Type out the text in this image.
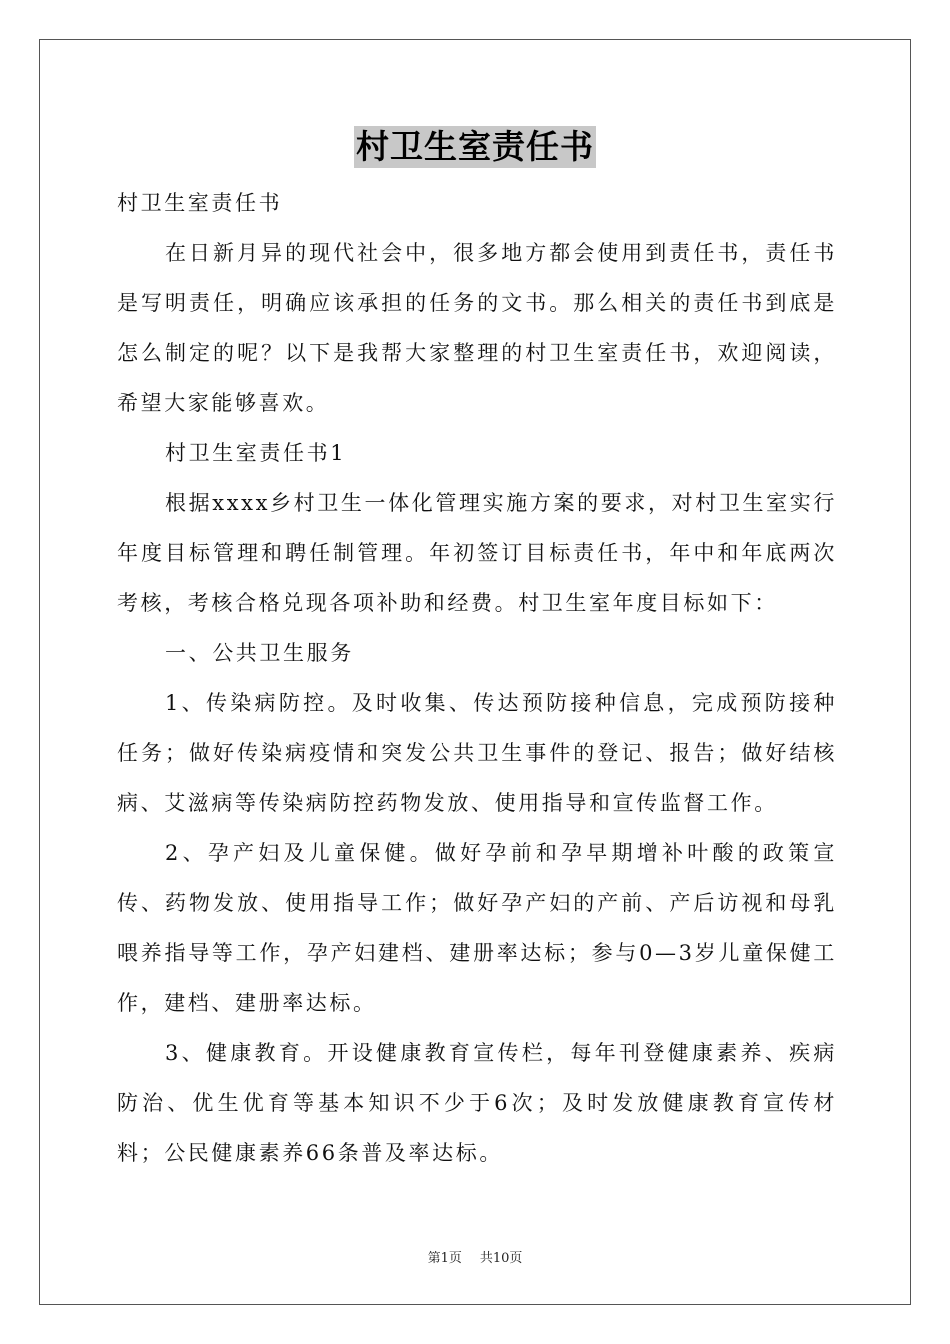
村卫生室责任书

村卫生室责任书

在日新月异的现代社会中，很多地方都会使用到责任书，责任书是写明责任，明确应该承担的任务的文书。那么相关的责任书到底是怎么制定的呢？以下是我帮大家整理的村卫生室责任书，欢迎阅读，希望大家能够喜欢。

村卫生室责任书1

根据xxxx乡村卫生一体化管理实施方案的要求，对村卫生室实行年度目标管理和聘任制管理。年初签订目标责任书，年中和年底两次考核，考核合格兑现各项补助和经费。村卫生室年度目标如下：

一、公共卫生服务

1、传染病防控。及时收集、传达预防接种信息，完成预防接种任务；做好传染病疫情和突发公共卫生事件的登记、报告；做好结核病、艾滋病等传染病防控药物发放、使用指导和宣传监督工作。

2、孕产妇及儿童保健。做好孕前和孕早期增补叶酸的政策宣传、药物发放、使用指导工作；做好孕产妇的产前、产后访视和母乳喂养指导等工作，孕产妇建档、建册率达标；参与0—3岁儿童保健工作，建档、建册率达标。

3、健康教育。开设健康教育宣传栏，每年刊登健康素养、疾病防治、优生优育等基本知识不少于6次；及时发放健康教育宣传材料；公民健康素养66条普及率达标。

第1页 共10页
